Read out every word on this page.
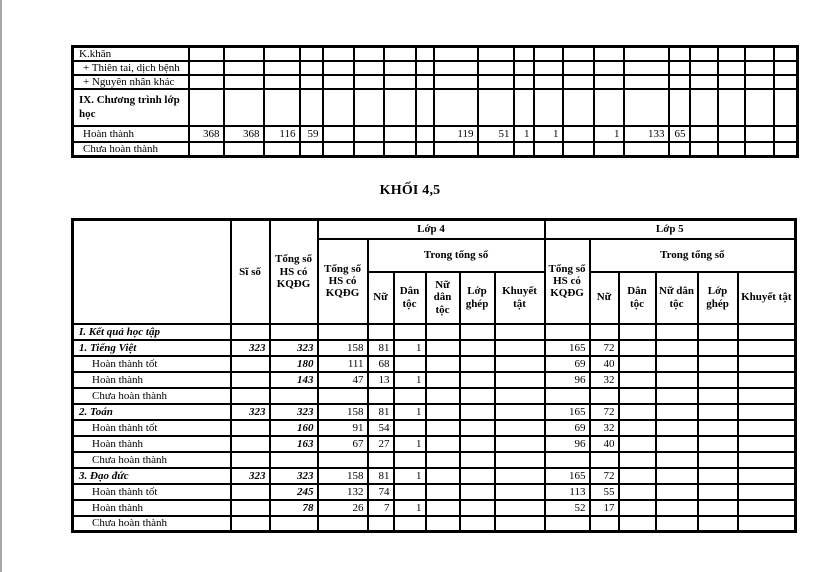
K.khăn																				
+ Thiên tai, dịch bệnh																				
+ Nguyên nhân khác																				
IX. Chương trình lớp học																				
Hoàn thành	368	368	116	59					119	51	1	1		1	133	65				
Chưa hoàn thành																				
KHỐI 4,5
	Sĩ số	Tổng số HS có KQĐG	Lớp 4						Lớp 5					
			Tổng số HS có KQĐG	Trong tổng số					Tổng số HS có KQĐG	Trong tổng số				
				Nữ	Dân tộc	Nữ dân tộc	Lớp ghép	Khuyết tật		Nữ	Dân tộc	Nữ dân tộc	Lớp ghép	Khuyết tật
I. Kết quả học tập														
1. Tiếng Việt	323	323	158	81	1				165	72				
Hoàn thành tốt		180	111	68					69	40				
Hoàn thành		143	47	13	1				96	32				
Chưa hoàn thành														
2. Toán	323	323	158	81	1				165	72				
Hoàn thành tốt		160	91	54					69	32				
Hoàn thành		163	67	27	1				96	40				
Chưa hoàn thành														
3. Đạo đức	323	323	158	81	1				165	72				
Hoàn thành tốt		245	132	74					113	55				
Hoàn thành		78	26	7	1				52	17				
Chưa hoàn thành														
